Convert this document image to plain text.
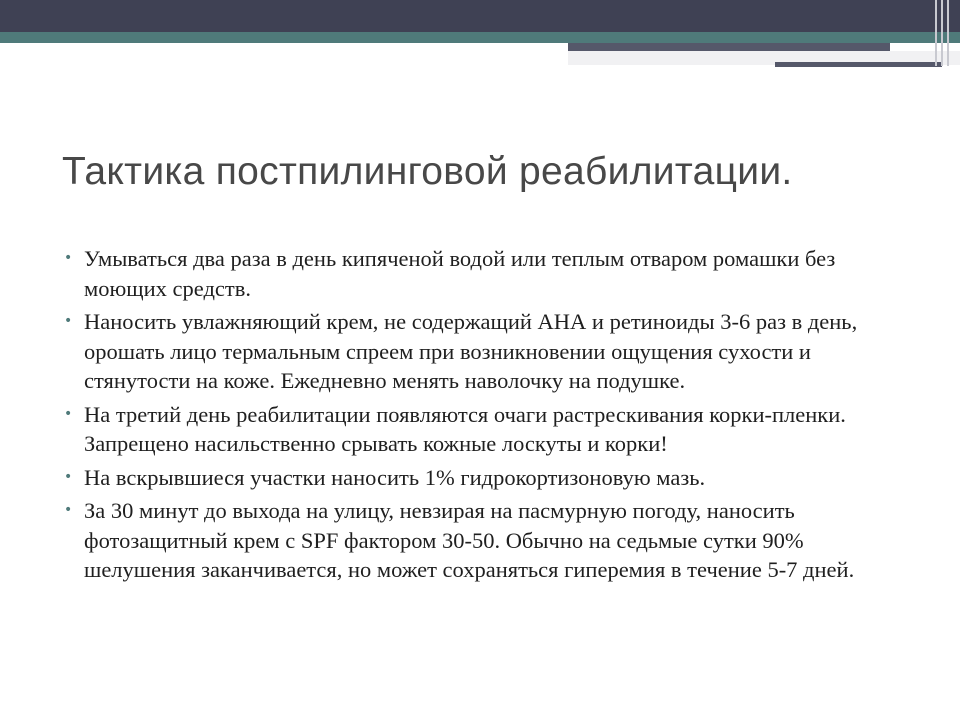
Тактика постпилинговой реабилитации.
• Умываться два раза в день кипяченой водой или теплым отваром ромашки без моющих средств.
• Наносить увлажняющий крем, не содержащий АНА и ретиноиды 3-6 раз в день, орошать лицо термальным спреем при возникновении ощущения сухости и стянутости на коже. Ежедневно менять наволочку на подушке.
• На третий день реабилитации появляются очаги растрескивания корки-пленки. Запрещено насильственно срывать кожные лоскуты и корки!
• На вскрывшиеся участки наносить 1% гидрокортизоновую мазь.
• За 30 минут до выхода на улицу, невзирая на пасмурную погоду, наносить фотозащитный крем с SPF фактором 30-50. Обычно на седьмые сутки 90% шелушения заканчивается, но может сохраняться гиперемия в течение 5-7 дней.
